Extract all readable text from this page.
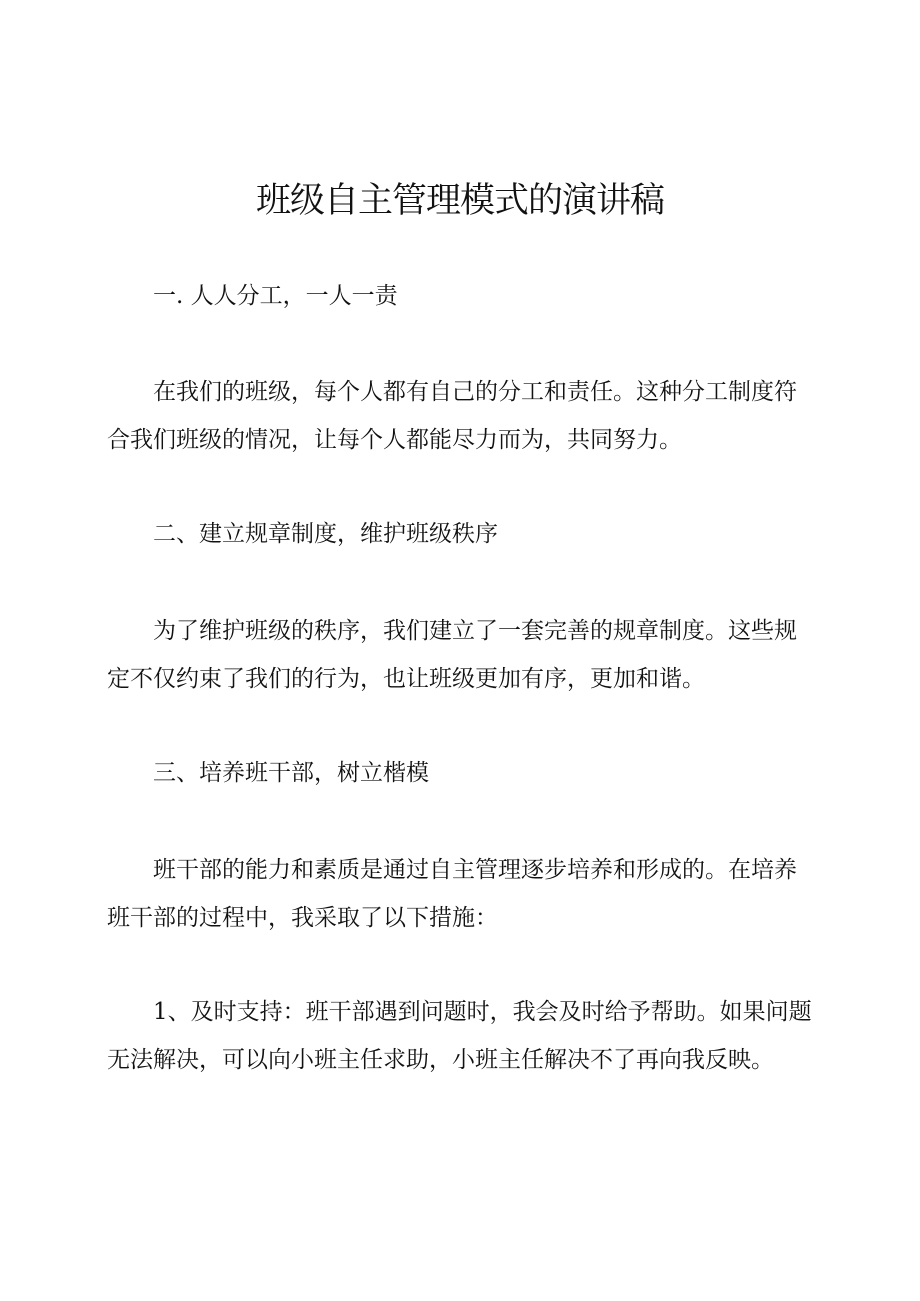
班级自主管理模式的演讲稿

一. 人人分工，一人一责

在我们的班级，每个人都有自己的分工和责任。这种分工制度符
合我们班级的情况，让每个人都能尽力而为，共同努力。

二、建立规章制度，维护班级秩序

为了维护班级的秩序，我们建立了一套完善的规章制度。这些规
定不仅约束了我们的行为，也让班级更加有序，更加和谐。

三、培养班干部，树立楷模

班干部的能力和素质是通过自主管理逐步培养和形成的。在培养
班干部的过程中，我采取了以下措施：

1、及时支持：班干部遇到问题时，我会及时给予帮助。如果问题
无法解决，可以向小班主任求助，小班主任解决不了再向我反映。
